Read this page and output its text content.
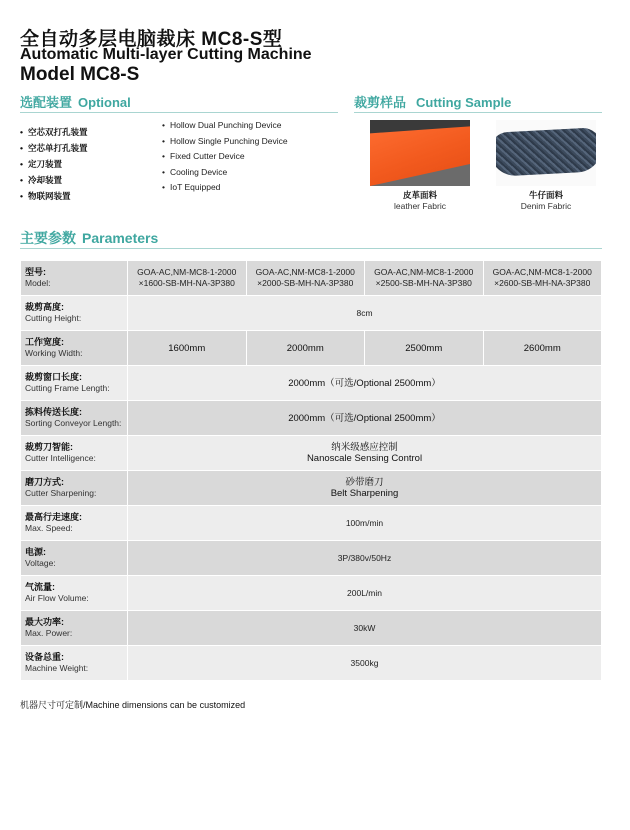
全自动多层电脑裁床 MC8-S型
Automatic Multi-layer Cutting Machine
Model MC8-S
选配装置 Optional
• 空芯双打孔装置
• 空芯单打孔装置
• 定刀装置
• 冷却装置
• 物联网装置
• Hollow Dual Punching Device
• Hollow Single Punching Device
• Fixed Cutter Device
• Cooling Device
• IoT Equipped
裁剪样品 Cutting Sample
皮革面料
leather Fabric
牛仔面料
Denim Fabric
主要参数 Parameters
型号:
Model:	GOA-AC,NM-MC8-1-2000
×1600-SB-MH-NA-3P380	GOA-AC,NM-MC8-1-2000
×2000-SB-MH-NA-3P380	GOA-AC,NM-MC8-1-2000
×2500-SB-MH-NA-3P380	GOA-AC,NM-MC8-1-2000
×2600-SB-MH-NA-3P380

裁剪高度:
Cutting Height:	8cm			

工作宽度:
Working Width:	1600mm	2000mm	2500mm	2600mm

裁剪窗口长度:
Cutting Frame Length:	2000mm（可选/Optional 2500mm）			

拣料传送长度:
Sorting Conveyor Length:	2000mm（可选/Optional 2500mm）			

裁剪刀智能:
Cutter Intelligence:	纳米级感应控制
Nanoscale Sensing Control			

磨刀方式:
Cutter Sharpening:	砂带磨刀
Belt Sharpening			

最高行走速度:
Max. Speed:	100m/min			

电源:
Voltage:	3P/380v/50Hz			

气流量:
Air Flow Volume:	200L/min			

最大功率:
Max. Power:	30kW			

设备总重:
Machine Weight:	3500kg			
机器尺寸可定制/Machine dimensions can be customized
